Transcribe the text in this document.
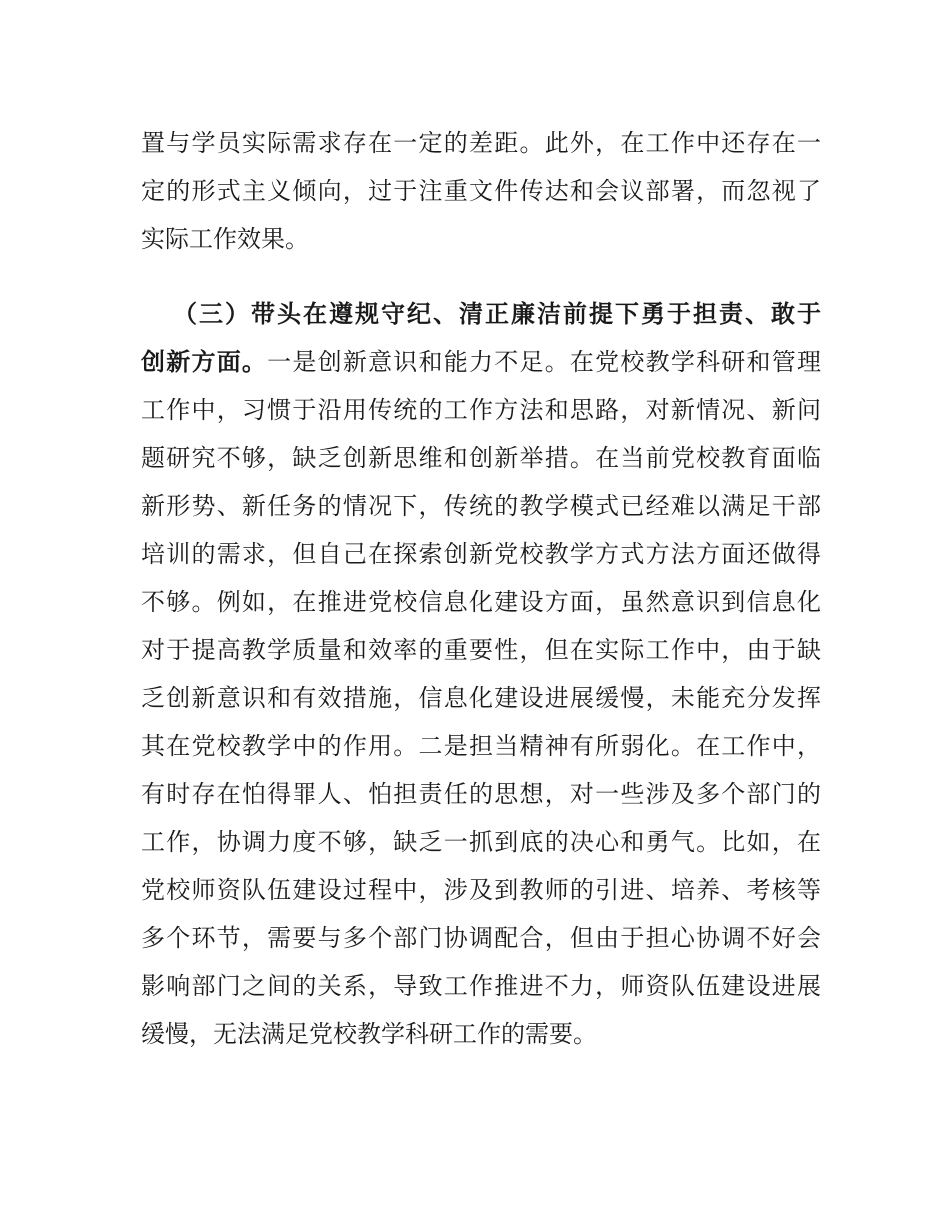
置与学员实际需求存在一定的差距。此外，在工作中还存在一
定的形式主义倾向，过于注重文件传达和会议部署，而忽视了
实际工作效果。
（三）带头在遵规守纪、清正廉洁前提下勇于担责、敢于
创新方面。一是创新意识和能力不足。在党校教学科研和管理
工作中，习惯于沿用传统的工作方法和思路，对新情况、新问
题研究不够，缺乏创新思维和创新举措。在当前党校教育面临
新形势、新任务的情况下，传统的教学模式已经难以满足干部
培训的需求，但自己在探索创新党校教学方式方法方面还做得
不够。例如，在推进党校信息化建设方面，虽然意识到信息化
对于提高教学质量和效率的重要性，但在实际工作中，由于缺
乏创新意识和有效措施，信息化建设进展缓慢，未能充分发挥
其在党校教学中的作用。二是担当精神有所弱化。在工作中，
有时存在怕得罪人、怕担责任的思想，对一些涉及多个部门的
工作，协调力度不够，缺乏一抓到底的决心和勇气。比如，在
党校师资队伍建设过程中，涉及到教师的引进、培养、考核等
多个环节，需要与多个部门协调配合，但由于担心协调不好会
影响部门之间的关系，导致工作推进不力，师资队伍建设进展
缓慢，无法满足党校教学科研工作的需要。
